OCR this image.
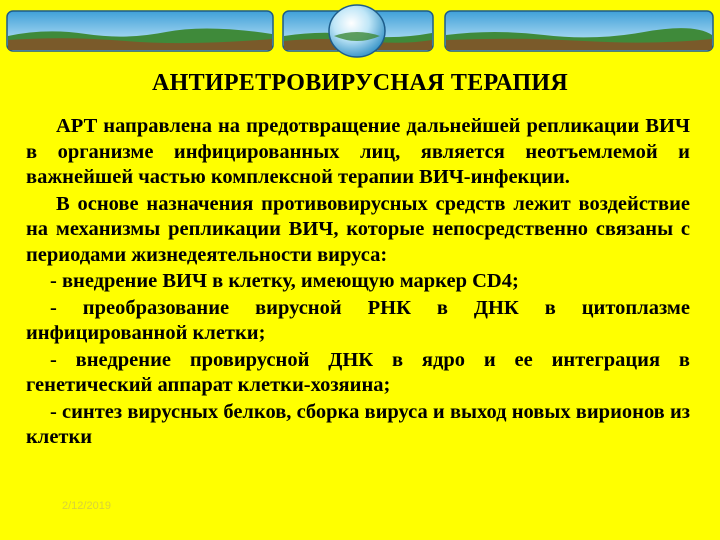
АНТИРЕТРОВИРУСНАЯ ТЕРАПИЯ

АРТ направлена на предотвращение дальнейшей репликации ВИЧ в организме инфицированных лиц, является неотъемлемой и важнейшей частью комплексной терапии ВИЧ-инфекции.

В основе назначения противовирусных средств лежит воздействие на механизмы репликации ВИЧ, которые непосредственно связаны с периодами жизнедеятельности вируса:

- внедрение ВИЧ в клетку, имеющую маркер CD4;

- преобразование вирусной РНК в ДНК в цитоплазме инфицированной клетки;

- внедрение провирусной ДНК в ядро и ее интеграция в генетический аппарат клетки-хозяина;

- синтез вирусных белков, сборка вируса и выход новых вирионов из клетки

2/12/2019
